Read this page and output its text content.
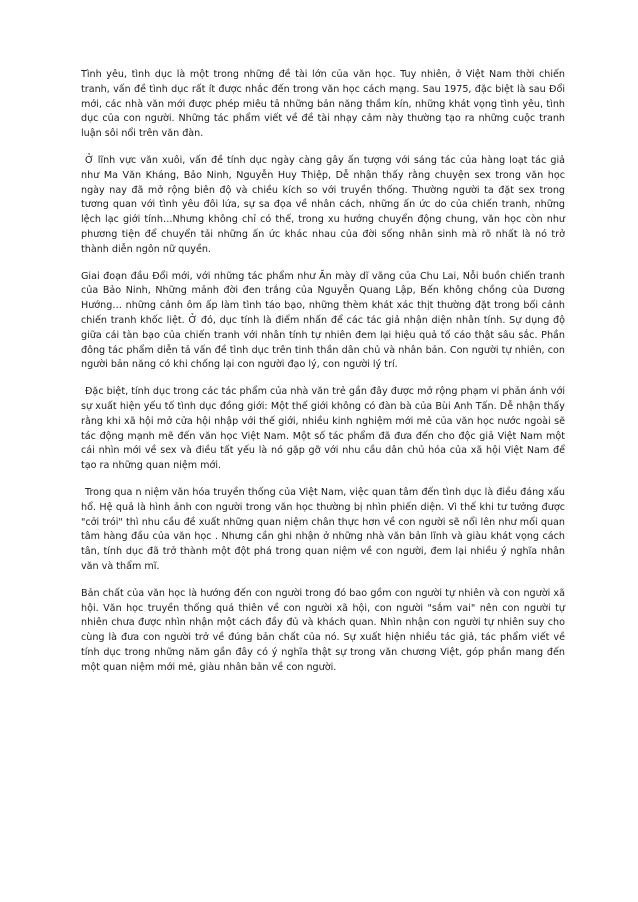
Tình yêu, tình dục là một trong những đề tài lớn của văn học. Tuy nhiên, ở Việt Nam thời chiến tranh, vấn đề tình dục rất ít được nhắc đến trong văn học cách mạng. Sau 1975, đặc biệt là sau Đổi mới, các nhà văn mới được phép miêu tả những bản năng thầm kín, những khát vọng tình yêu, tình dục của con người. Những tác phẩm viết về đề tài nhạy cảm này thường tạo ra những cuộc tranh luận sôi nổi trên văn đàn.

Ở lĩnh vực văn xuôi, vấn đề tính dục ngày càng gây ấn tượng với sáng tác của hàng loạt tác giả như Ma Văn Kháng, Bảo Ninh, Nguyễn Huy Thiệp, Dễ nhận thấy rằng chuyện sex trong văn học ngày nay đã mở rộng biên độ và chiều kích so với truyền thống. Thường người ta đặt sex trong tương quan với tình yêu đôi lứa, sự sa đọa về nhân cách, những ấn ức do của chiến tranh, những lệch lạc giới tính…Nhưng không chỉ có thế, trong xu hướng chuyển động chung, văn học còn như phương tiện để chuyển tải những ấn ức khác nhau của đời sống nhân sinh mà rõ nhất là nó trở thành diễn ngôn nữ quyền.

Giai đoạn đầu Đổi mới, với những tác phẩm như Ăn mày dĩ vãng của Chu Lai, Nỗi buồn chiến tranh của Bảo Ninh, Những mảnh đời đen trắng của Nguyễn Quang Lập, Bến không chồng của Dương Hướng… những cảnh ôm ấp làm tình táo bạo, những thèm khát xác thịt thường đặt trong bối cảnh chiến tranh khốc liệt. Ở đó, dục tính là điểm nhấn để các tác giả nhận diện nhân tính. Sự dụng độ giữa cái tàn bạo của chiến tranh với nhân tính tự nhiên đem lại hiệu quả tố cáo thật sâu sắc. Phần đông tác phẩm diễn tả vấn đề tình dục trên tinh thần dân chủ và nhân bản. Con người tự nhiên, con người bản năng có khi chống lại con người đạo lý, con người lý trí.

Đặc biệt, tính dục trong các tác phẩm của nhà văn trẻ gần đây được mở rộng phạm vi phản ánh với sự xuất hiện yếu tố tình dục đồng giới: Một thế giới không có đàn bà của Bùi Anh Tấn. Dễ nhận thấy rằng khi xã hội mở cửa hội nhập với thế giới, nhiều kinh nghiệm mới mẻ của văn học nước ngoài sẽ tác động mạnh mẽ đến văn học Việt Nam. Một số tác phẩm đã đưa đến cho độc giả Việt Nam một cái nhìn mới về sex và điều tất yếu là nó gặp gỡ với nhu cầu dân chủ hóa của xã hội Việt Nam để tạo ra những quan niệm mới.

Trong qua n niệm văn hóa truyền thống của Việt Nam, việc quan tâm đến tình dục là điều đáng xấu hổ. Hệ quả là hình ảnh con người trong văn học thường bị nhìn phiến diện. Vì thế khi tư tưởng được "cởi trói" thì nhu cầu đề xuất những quan niệm chân thực hơn về con người sẽ nổi lên như mối quan tâm hàng đầu của văn học . Nhưng cần ghi nhận ở những nhà văn bản lĩnh và giàu khát vọng cách tân, tính dục đã trở thành một đột phá trong quan niệm về con người, đem lại nhiều ý nghĩa nhân văn và thẩm mĩ.

Bản chất của văn học là hướng đến con người trong đó bao gồm con người tự nhiên và con người xã hội. Văn học truyền thống quá thiên về con người xã hội, con người "sắm vai" nên con người tự nhiên chưa được nhìn nhận một cách đầy đủ và khách quan. Nhìn nhận con người tự nhiên suy cho cùng là đưa con người trở về đúng bản chất của nó. Sự xuất hiện nhiều tác giả, tác phẩm viết về tính dục trong những năm gần đây có ý nghĩa thật sự trong văn chương Việt, góp phần mang đến một quan niệm mới mẻ, giàu nhân bản về con người.
